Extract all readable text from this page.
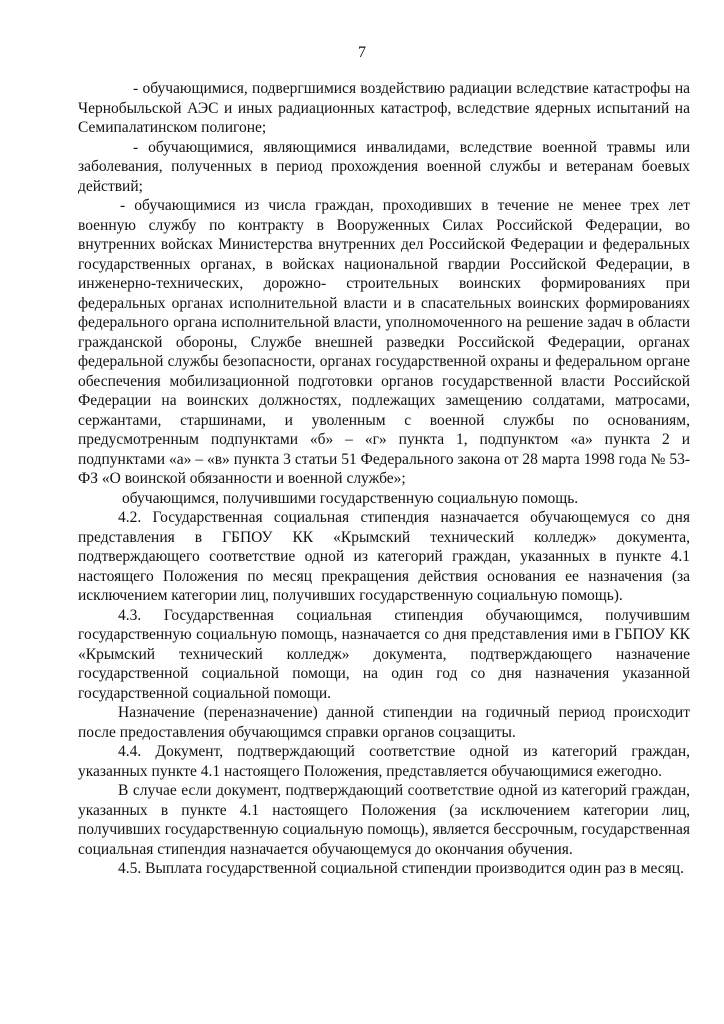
7

- обучающимися, подвергшимися воздействию радиации вследствие катастрофы на Чернобыльской АЭС и иных радиационных катастроф, вследствие ядерных испытаний на Семипалатинском полигоне;

- обучающимися, являющимися инвалидами, вследствие военной травмы или заболевания, полученных в период прохождения военной службы и ветеранам боевых действий;

- обучающимися из числа граждан, проходивших в течение не менее трех лет военную службу по контракту в Вооруженных Силах Российской Федерации, во внутренних войсках Министерства внутренних дел Российской Федерации и федеральных государственных органах, в войсках национальной гвардии Российской Федерации, в инженерно-технических, дорожно- строительных воинских формированиях при федеральных органах исполнительной власти и в спасательных воинских формированиях федерального органа исполнительной власти, уполномоченного на решение задач в области гражданской обороны, Службе внешней разведки Российской Федерации, органах федеральной службы безопасности, органах государственной охраны и федеральном органе обеспечения мобилизационной подготовки органов государственной власти Российской Федерации на воинских должностях, подлежащих замещению солдатами, матросами, сержантами, старшинами, и уволенным с военной службы по основаниям, предусмотренным подпунктами «б» – «г» пункта 1, подпунктом «а» пункта 2 и подпунктами «а» – «в» пункта 3 статьи 51 Федерального закона от 28 марта 1998 года № 53-ФЗ «О воинской обязанности и военной службе»;

обучающимся, получившими государственную социальную помощь.

4.2. Государственная социальная стипендия назначается обучающемуся со дня представления в ГБПОУ КК «Крымский технический колледж» документа, подтверждающего соответствие одной из категорий граждан, указанных в пункте 4.1 настоящего Положения по месяц прекращения действия основания ее назначения (за исключением категории лиц, получивших государственную социальную помощь).

4.3. Государственная социальная стипендия обучающимся, получившим государственную социальную помощь, назначается со дня представления ими в ГБПОУ КК «Крымский технический колледж» документа, подтверждающего назначение государственной социальной помощи, на один год со дня назначения указанной государственной социальной помощи.

Назначение (переназначение) данной стипендии на годичный период происходит после предоставления обучающимся справки органов соцзащиты.

4.4. Документ, подтверждающий соответствие одной из категорий граждан, указанных пункте 4.1 настоящего Положения, представляется обучающимися ежегодно.

В случае если документ, подтверждающий соответствие одной из категорий граждан, указанных в пункте 4.1 настоящего Положения (за исключением категории лиц, получивших государственную социальную помощь), является бессрочным, государственная социальная стипендия назначается обучающемуся до окончания обучения.

4.5. Выплата государственной социальной стипендии производится один раз в месяц.
